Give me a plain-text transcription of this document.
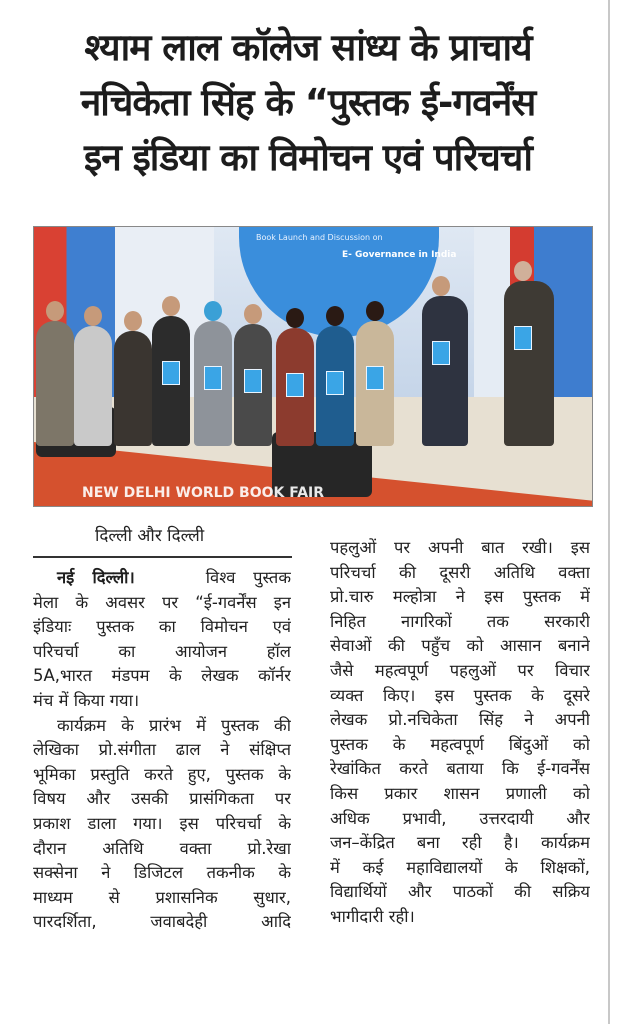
श्याम लाल कॉलेज सांध्य के प्राचार्य
नचिकेता सिंह के “पुस्तक ई-गवर्नेंस
इन इंडिया का विमोचन एवं परिचर्चा
Book Launch and Discussion on
E- Governance in India
NEW DELHI WORLD BOOK FAIR
दिल्ली और दिल्ली
नई दिल्ली।	विश्व पुस्तक
मेला के अवसर पर “ई-गवर्नेंस इन
इंडियाः पुस्तक का विमोचन एवं
परिचर्चा का आयोजन हॉल
5A,भारत मंडपम के लेखक कॉर्नर
मंच में किया गया।
कार्यक्रम के प्रारंभ में पुस्तक की
लेखिका प्रो.संगीता ढाल ने संक्षिप्त
भूमिका प्रस्तुति करते हुए, पुस्तक के
विषय और उसकी प्रासंगिकता पर
प्रकाश डाला गया। इस परिचर्चा के
दौरान अतिथि वक्ता प्रो.रेखा
सक्सेना ने डिजिटल तकनीक के
माध्यम से प्रशासनिक सुधार,
पारदर्शिता, जवाबदेही आदि
पहलुओं पर अपनी बात रखी। इस
परिचर्चा की दूसरी अतिथि वक्ता
प्रो.चारु मल्होत्रा ने इस पुस्तक में
निहित नागरिकों तक सरकारी
सेवाओं की पहुँच को आसान बनाने
जैसे महत्वपूर्ण पहलुओं पर विचार
व्यक्त किए। इस पुस्तक के दूसरे
लेखक प्रो.नचिकेता सिंह ने अपनी
पुस्तक के महत्वपूर्ण बिंदुओं को
रेखांकित करते बताया कि ई-गवर्नेंस
किस प्रकार शासन प्रणाली को
अधिक प्रभावी, उत्तरदायी और
जन–केंद्रित बना रही है। कार्यक्रम
में कई महाविद्यालयों के शिक्षकों,
विद्यार्थियों और पाठकों की सक्रिय
भागीदारी रही।
